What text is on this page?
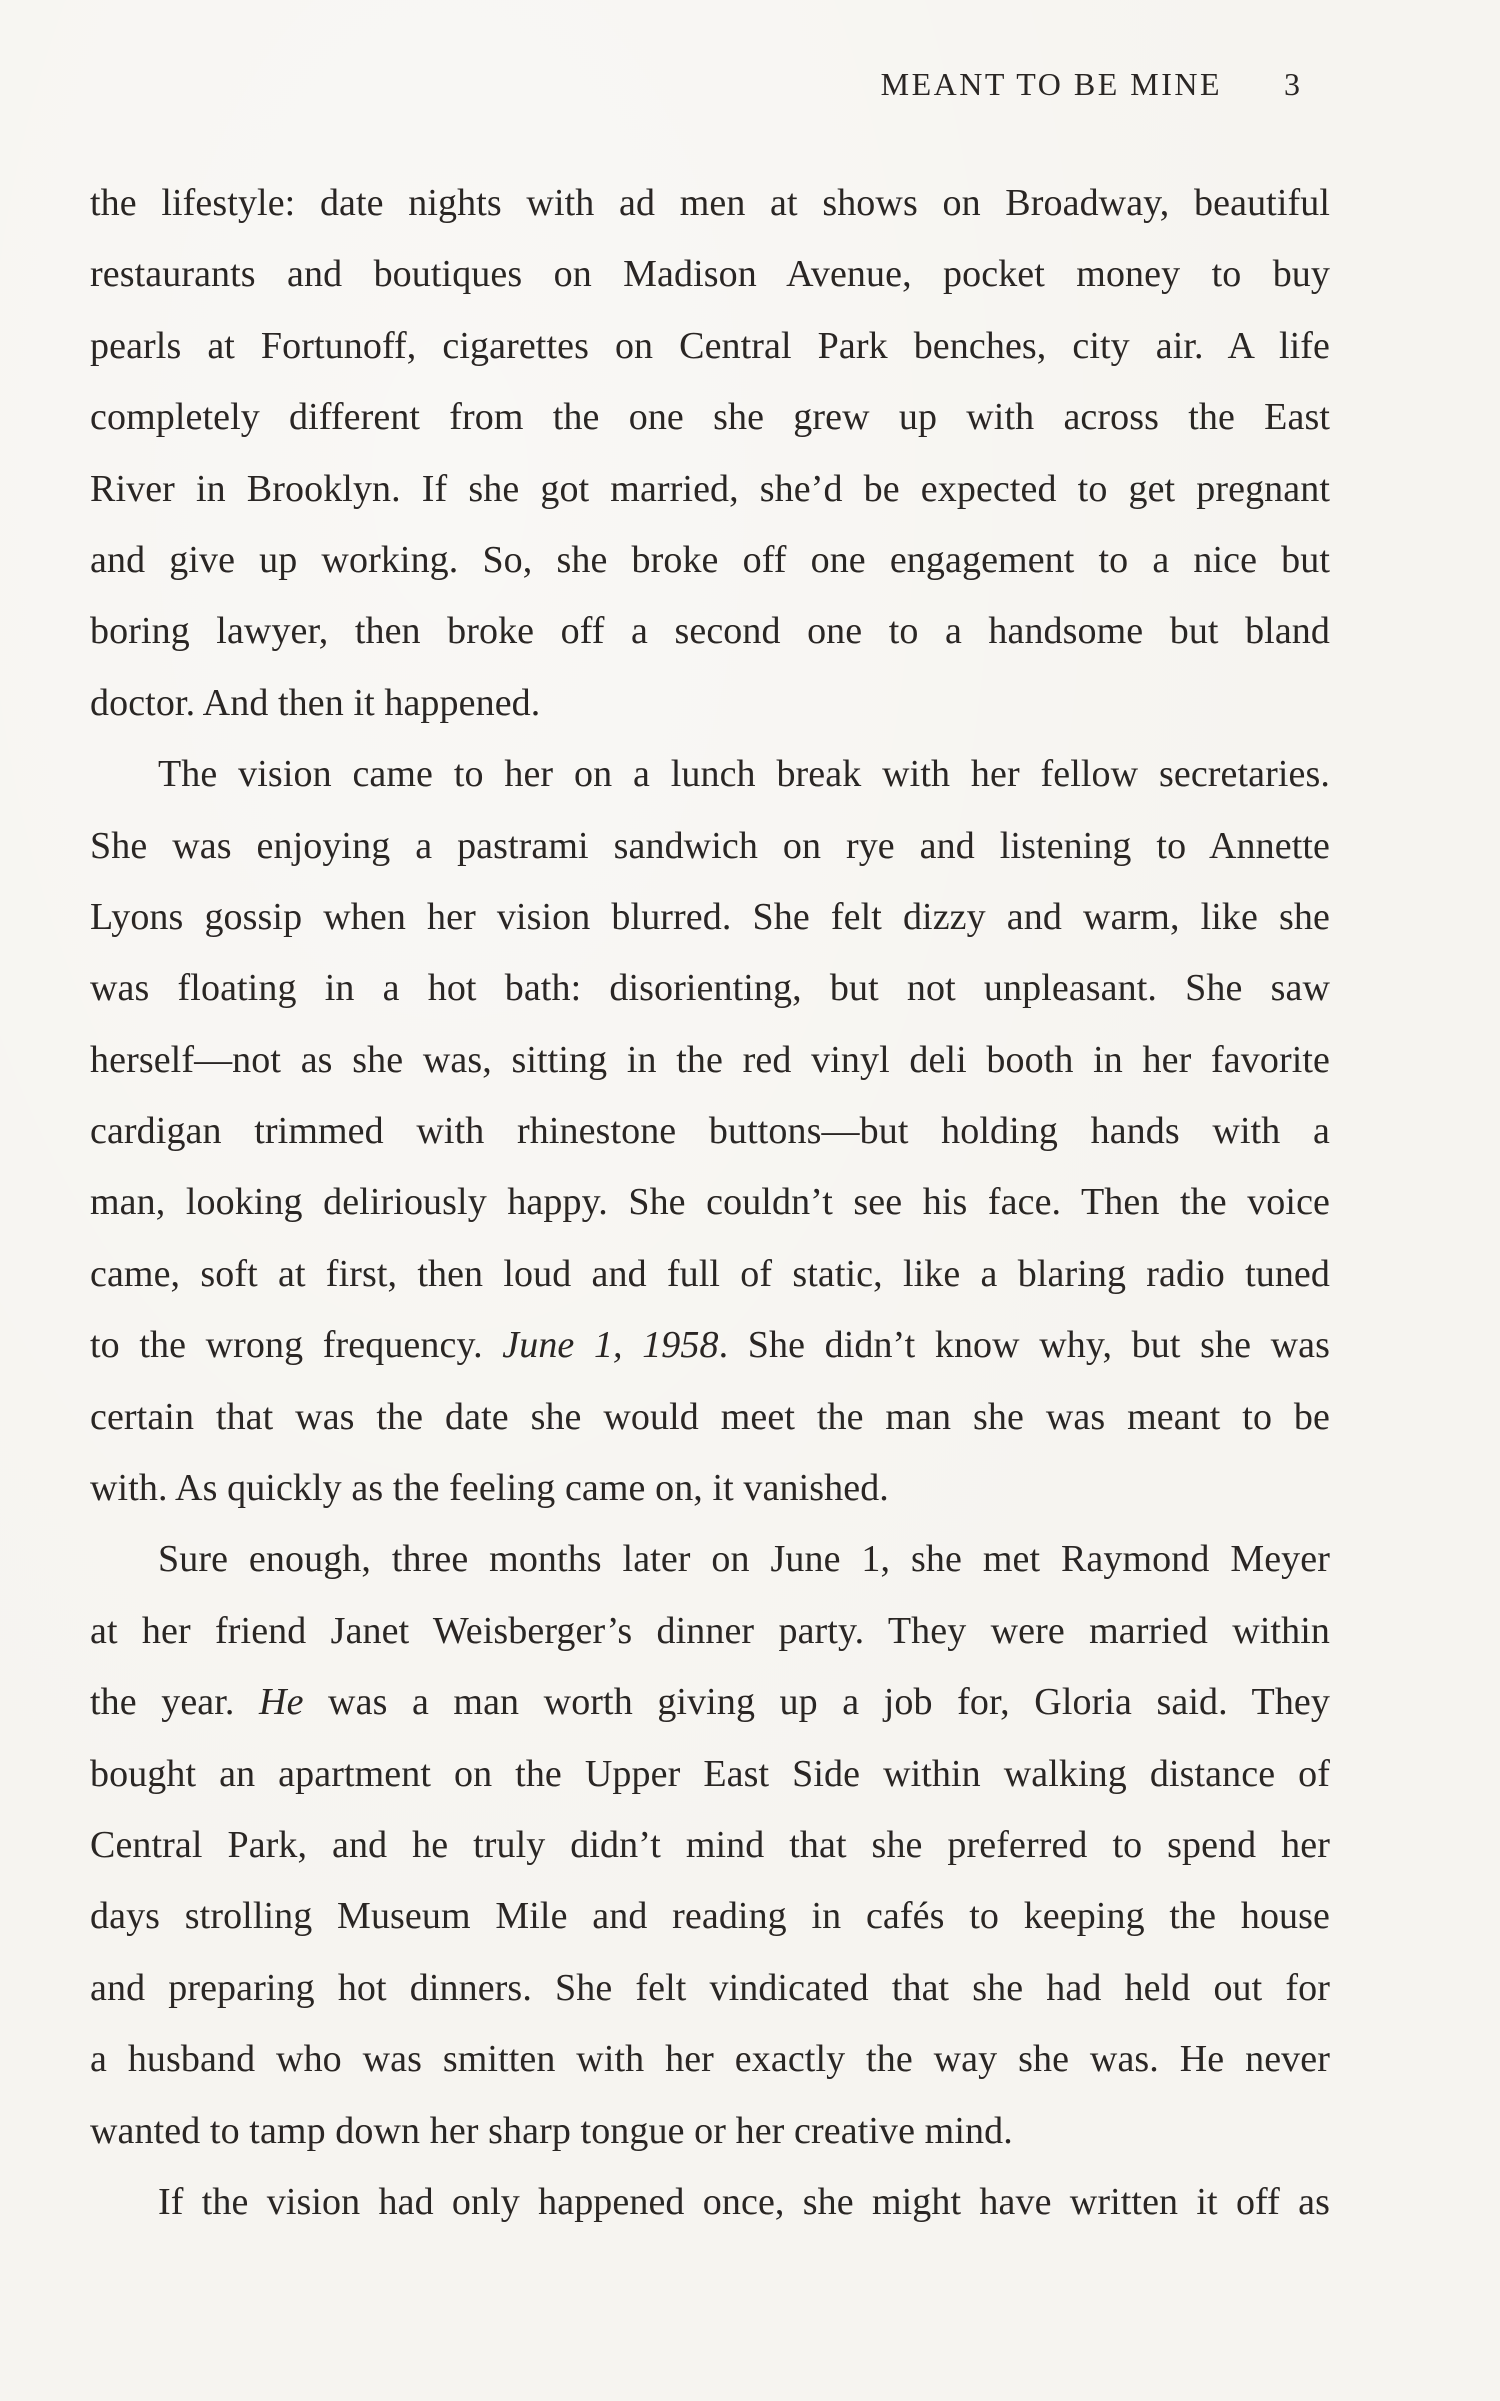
MEANT TO BE MINE 3
the lifestyle: date nights with ad men at shows on Broadway, beautiful
restaurants and boutiques on Madison Avenue, pocket money to buy
pearls at Fortunoff, cigarettes on Central Park benches, city air. A life
completely different from the one she grew up with across the East
River in Brooklyn. If she got married, she’d be expected to get pregnant
and give up working. So, she broke off one engagement to a nice but
boring lawyer, then broke off a second one to a handsome but bland
doctor. And then it happened.
The vision came to her on a lunch break with her fellow secretaries.
She was enjoying a pastrami sandwich on rye and listening to Annette
Lyons gossip when her vision blurred. She felt dizzy and warm, like she
was floating in a hot bath: disorienting, but not unpleasant. She saw
herself—not as she was, sitting in the red vinyl deli booth in her favorite
cardigan trimmed with rhinestone buttons—but holding hands with a
man, looking deliriously happy. She couldn’t see his face. Then the voice
came, soft at first, then loud and full of static, like a blaring radio tuned
to the wrong frequency. June 1, 1958. She didn’t know why, but she was
certain that was the date she would meet the man she was meant to be
with. As quickly as the feeling came on, it vanished.
Sure enough, three months later on June 1, she met Raymond Meyer
at her friend Janet Weisberger’s dinner party. They were married within
the year. He was a man worth giving up a job for, Gloria said. They
bought an apartment on the Upper East Side within walking distance of
Central Park, and he truly didn’t mind that she preferred to spend her
days strolling Museum Mile and reading in cafés to keeping the house
and preparing hot dinners. She felt vindicated that she had held out for
a husband who was smitten with her exactly the way she was. He never
wanted to tamp down her sharp tongue or her creative mind.
If the vision had only happened once, she might have written it off as
